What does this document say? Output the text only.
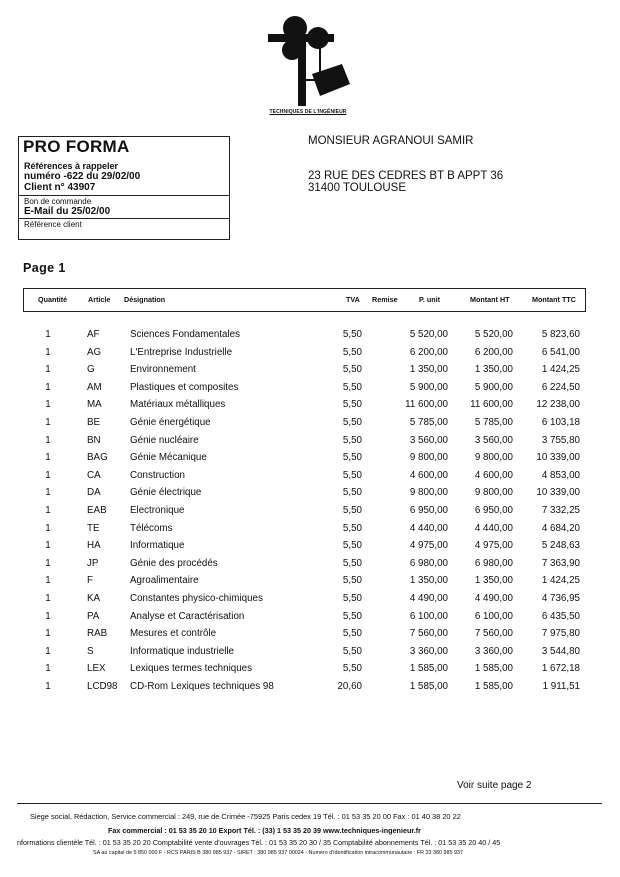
TECHNIQUES DE L'INGÉNIEUR
PRO FORMA
Références à rappeler
numéro -622 du 29/02/00
Client n° 43907
Bon de commande
E-Mail du 25/02/00
Référence client
MONSIEUR AGRANOUI SAMIR
23 RUE DES CEDRES BT B APPT 36
31400 TOULOUSE
Page 1
Quantité	Article Désignation	TVA Remise	P. unit	Montant HT	Montant TTC
1	AF	Sciences Fondamentales	5,50	5 520,00	5 520,00	5 823,60
1	AG	L'Entreprise Industrielle	5,50	6 200,00	6 200,00	6 541,00
1	G	Environnement	5,50	1 350,00	1 350,00	1 424,25
1	AM	Plastiques et composites	5,50	5 900,00	5 900,00	6 224,50
1	MA	Matériaux métalliques	5,50	11 600,00	11 600,00	12 238,00
1	BE	Génie énergétique	5,50	5 785,00	5 785,00	6 103,18
1	BN	Génie nucléaire	5,50	3 560,00	3 560,00	3 755,80
1	BAG	Génie Mécanique	5,50	9 800,00	9 800,00	10 339,00
1	CA	Construction	5,50	4 600,00	4 600,00	4 853,00
1	DA	Génie électrique	5,50	9 800,00	9 800,00	10 339,00
1	EAB	Electronique	5,50	6 950,00	6 950,00	7 332,25
1	TE	Télécoms	5,50	4 440,00	4 440,00	4 684,20
1	HA	Informatique	5,50	4 975,00	4 975,00	5 248,63
1	JP	Génie des procédés	5,50	6 980,00	6 980,00	7 363,90
1	F	Agroalimentaire	5,50	1 350,00	1 350,00	1 424,25
1	KA	Constantes physico-chimiques	5,50	4 490,00	4 490,00	4 736,95
1	PA	Analyse et Caractérisation	5,50	6 100,00	6 100,00	6 435,50
1	RAB	Mesures et contrôle	5,50	7 560,00	7 560,00	7 975,80
1	S	Informatique industrielle	5,50	3 360,00	3 360,00	3 544,80
1	LEX	Lexiques termes techniques	5,50	1 585,00	1 585,00	1 672,18
1	LCD98	CD-Rom Lexiques techniques 98	20,60	1 585,00	1 585,00	1 911,51
Voir suite page 2
Siege social, Rédaction, Service commercial : 249, rue de Crimée -75925 Paris cedex 19 Tél. : 01 53 35 20 00 Fax : 01 40 38 20 22
Fax commercial : 01 53 35 20 10 Export Tél. : (33) 1 53 35 20 39 www.techniques-ingenieur.fr
nformations clientèle Tél. : 01 53 35 20 20 Comptabilité vente d'ouvrages Tél. : 01 53 35 20 30 / 35 Comptabilité abonnements Tél. : 01 53 35 20 40 / 45
SA au capital de 5 850 000 F - RCS PARIS B 380 985 937 - SIRET : 380 985 937 00024 - Numéro d'identification intracommunautaire : FR 33 380 985 937
